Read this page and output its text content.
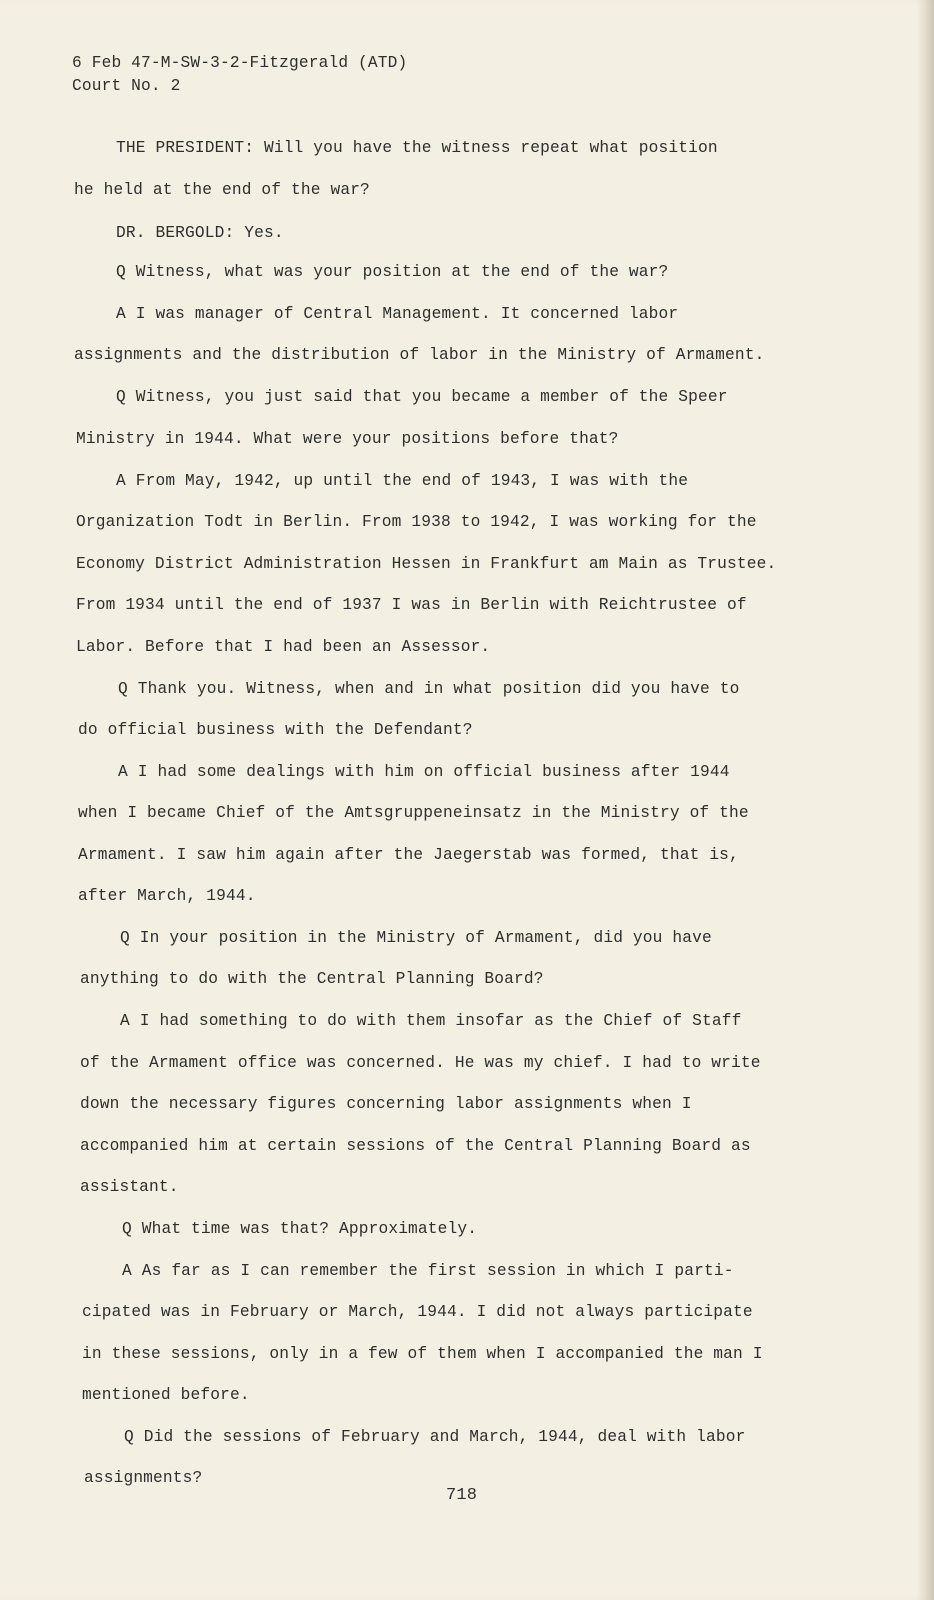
6 Feb 47-M-SW-3-2-Fitzgerald (ATD)
Court No. 2
THE PRESIDENT: Will you have the witness repeat what position
he held at the end of the war?
DR. BERGOLD: Yes.
Q Witness, what was your position at the end of the war?
A I was manager of Central Management. It concerned labor
assignments and the distribution of labor in the Ministry of Armament.
Q Witness, you just said that you became a member of the Speer
Ministry in 1944. What were your positions before that?
A From May, 1942, up until the end of 1943, I was with the
Organization Todt in Berlin. From 1938 to 1942, I was working for the
Economy District Administration Hessen in Frankfurt am Main as Trustee.
From 1934 until the end of 1937 I was in Berlin with Reichtrustee of
Labor. Before that I had been an Assessor.
Q Thank you. Witness, when and in what position did you have to
do official business with the Defendant?
A I had some dealings with him on official business after 1944
when I became Chief of the Amtsgruppeneinsatz in the Ministry of the
Armament. I saw him again after the Jaegerstab was formed, that is,
after March, 1944.
Q In your position in the Ministry of Armament, did you have
anything to do with the Central Planning Board?
A I had something to do with them insofar as the Chief of Staff
of the Armament office was concerned. He was my chief. I had to write
down the necessary figures concerning labor assignments when I
accompanied him at certain sessions of the Central Planning Board as
assistant.
Q What time was that? Approximately.
A As far as I can remember the first session in which I parti-
cipated was in February or March, 1944. I did not always participate
in these sessions, only in a few of them when I accompanied the man I
mentioned before.
Q Did the sessions of February and March, 1944, deal with labor
assignments?
718
